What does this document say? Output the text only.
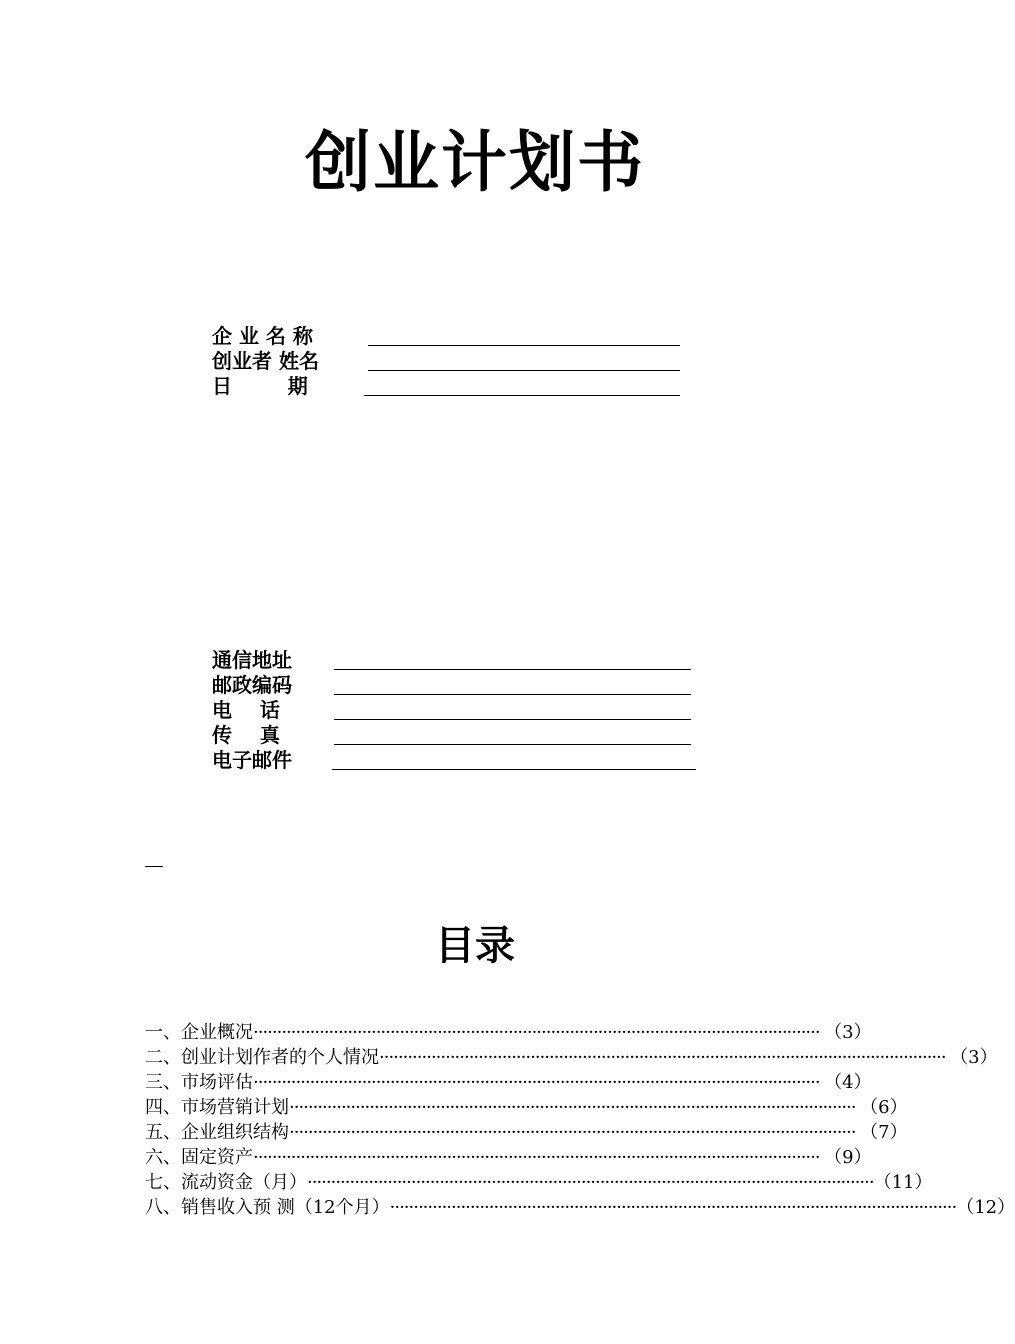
创业计划书
企 业 名 称
创业者 姓名
日        期
通信地址
邮政编码
电    话
传    真
电子邮件
目录
一、 企业概况 ························································································································ （3）
二、 创业计划作者的个人情况 ························································································································ （3）
三、 市场评估 ························································································································ （4）
四、 市场营销计划 ························································································································ （6）
五、 企业组织结构 ························································································································ （7）
六、 固定资产 ························································································································ （9）
七、 流动资金（月） ························································································································ （11）
八、 销售收入预 测（12个月） ························································································································ （12）
